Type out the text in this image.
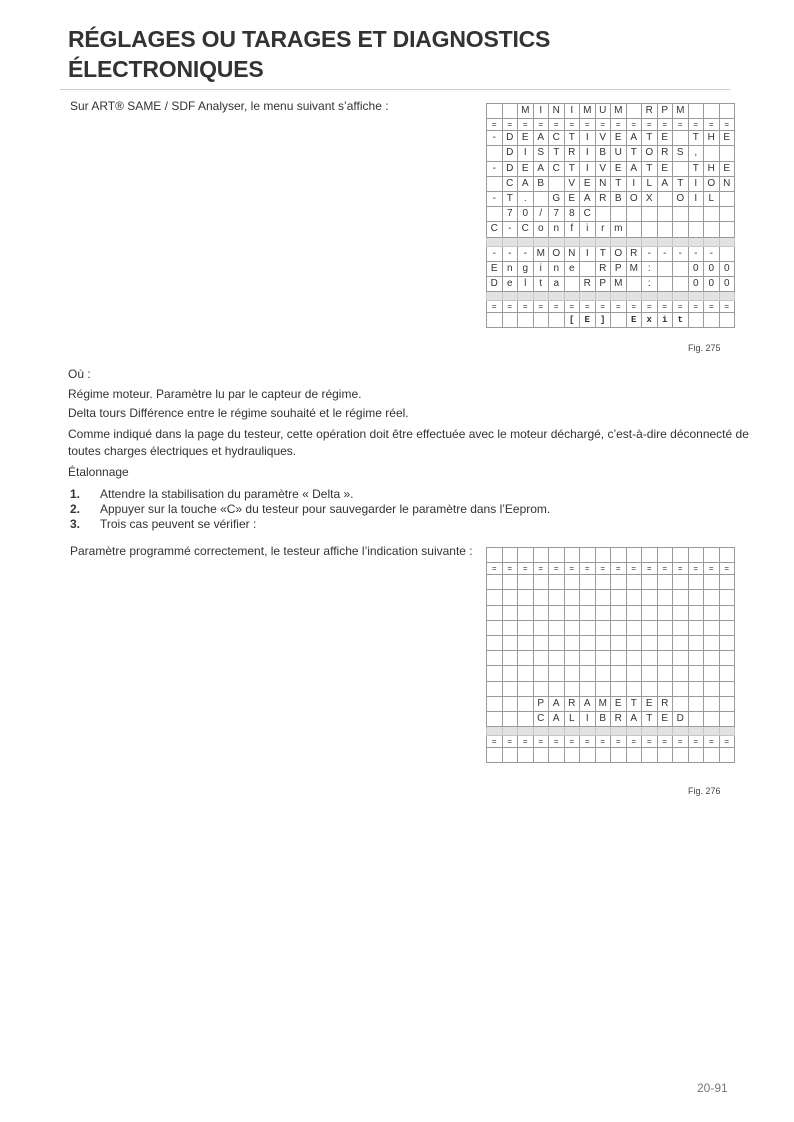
RÉGLAGES OU TARAGES ET DIAGNOSTICS
ÉLECTRONIQUES

Sur ART® SAME / SDF Analyser, le menu suivant s’affiche :

			M	I	N	I	M	U	M		R	P	M			
=	=	=	=	=	=	=	=	=	=	=	=	=	=	=	=
-	D	E	A	C	T	I	V	E	A	T	E		T	H	E
	D	I	S	T	R	I	B	U	T	O	R	S	,		
-	D	E	A	C	T	I	V	E	A	T	E		T	H	E
	C	A	B		V	E	N	T	I	L	A	T	I	O	N
-	T	.		G	E	A	R	B	O	X		O	I	L	
	7	0	/	7	8	C									
C	-	C	o	n	f	i	r	m							

-	-	-	M	O	N	I	T	O	R	-	-	-	-	-	
E	n	g	i	n	e		R	P	M	:			0	0	0
D	e	l	t	a		R	P	M		:			0	0	0

=	=	=	=	=	=	=	=	=	=	=	=	=	=	=	=
					[	E	]		E	x	i	t			
Fig. 275

Où :

Régime moteur. Paramètre lu par le capteur de régime.

Delta tours Différence entre le régime souhaité et le régime réel.

Comme indiqué dans la page du testeur, cette opération doit être effectuée avec le moteur déchargé, c’est-à-dire déconnecté de

toutes charges électriques et hydrauliques.

Étalonnage

1. Attendre la stabilisation du paramètre « Delta ».
2. Appuyer sur la touche «C» du testeur pour sauvegarder le paramètre dans l’Eeprom.
3. Trois cas peuvent se vérifier :

Paramètre programmé correctement, le testeur affiche l’indication suivante :

=	=	=	=	=	=	=	=	=	=	=	=	=	=	=	=

			P	A	R	A	M	E	T	E	R				
			C	A	L	I	B	R	A	T	E	D			

=	=	=	=	=	=	=	=	=	=	=	=	=	=	=	=

Fig. 276
20-91
